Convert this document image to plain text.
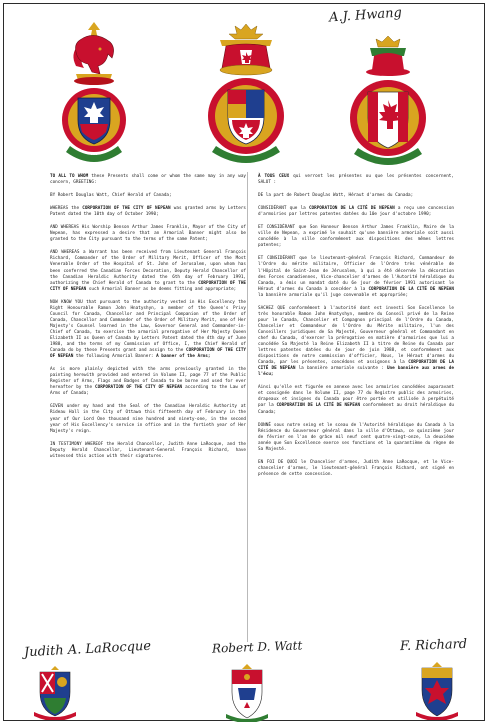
A.J. Hwang
•••

TO ALL TO WHOM these Presents shall come or whom the same may in any way concern, GREETING:

BY Robert Douglas Watt, Chief Herald of Canada;

WHEREAS the CORPORATION OF THE CITY OF NEPEAN was granted arms by Letters Patent dated the 10th day of October 1990;

AND WHEREAS His Worship Benson Arthur James Franklin, Mayor of the City of Nepean, has expressed a desire that an Armorial Banner might also be granted to the City pursuant to the terms of the same Patent;

AND WHEREAS a Warrant has been received from Lieutenant General François Richard, Commander of the Order of Military Merit, Officer of the Most Venerable Order of the Hospital of St. John of Jerusalem, upon whom has been conferred the Canadian Forces Decoration, Deputy Herald Chancellor of the Canadian Heraldic Authority dated the 6th day of February 1991, authorizing the Chief Herald of Canada to grant to the CORPORATION OF THE CITY OF NEPEAN such Armorial Banner as be deems fitting and appropriate;

NOW KNOW YOU that pursuant to the authority vested in His Excellency the Right Honourable Ramon John Hnatyshyn, a member of the Queen's Privy Council for Canada, Chancellor and Principal Companion of the Order of Canada, Chancellor and Commander of the Order of Military Merit, one of Her Majesty's Counsel learned in the Law, Governor General and Commander-in-Chief of Canada, to exercise the armorial prerogative of Her Majesty Queen Elizabeth II as Queen of Canada by Letters Patent dated the 4th day of June 1988, and the terms of my Commission of Office, I, the Chief Herald of Canada do by these Presents grant and assign to the CORPORATION OF THE CITY OF NEPEAN the following Armorial Banner: A banner of the Arms;

As is more plainly depicted with the arms previously granted in the painting herewith provided and entered in Volume II, page 77 of the Public Register of Arms, Flags and Badges of Canada to be borne and used for ever hereafter by the CORPORATION OF THE CITY OF NEPEAN according to the Law of Arms of Canada;

GIVEN under my hand and the Seal of the Canadian Heraldic Authority at Rideau Hall in the City of Ottawa this fifteenth day of February in the year of Our Lord One thousand nine hundred and ninety-one, in the second year of His Excellency's service in office and in the fortieth year of Her Majesty's reign.

IN TESTIMONY WHEREOF the Herald Chancellor, Judith Anne LaRocque, and the Deputy Herald Chancellor, Lieutenant-General François Richard, have witnessed this action with their signatures.

À TOUS CEUX qui verront les présentes ou que les présentes concernent, SALUT :

DE la part de Robert Douglas Watt, Héraut d'armes du Canada;

CONSIDÉRANT que la CORPORATION DE LA CITÉ DE NEPEAN a reçu une concession d'armoiries par lettres patentes datées du 10e jour d'octobre 1990;

ET CONSIDÉRANT que Son Honneur Benson Arthur James Franklin, Maire de la ville de Nepean, a exprimé le souhait qu'une bannière armoriale soit aussi concédée à la ville conformément aux dispositions des mêmes lettres patentes;

ET CONSIDÉRANT que le lieutenant-général François Richard, Commandeur de l'Ordre du mérite militaire, Officier de l'Ordre très vénérable de l'Hôpital de Saint-Jean de Jérusalem, à qui a été décernée la décoration des Forces canadiennes, Vice-chancelier d'armes de l'Autorité héraldique du Canada, a émis un mandat daté du 6e jour de février 1991 autorisant le Héraut d'armes du Canada à concéder à la CORPORATION DE LA CITÉ DE NEPEAN la bannière armoriale qu'il juge convenable et appropriée;

SACHEZ QUE conformément à l'autorité dont est investi Son Excellence le très honorable Ramon John Hnatyshyn, membre du Conseil privé de la Reine pour le Canada, Chancelier et Compagnon principal de l'Ordre du Canada, Chancelier et Commandeur de l'Ordre du Mérite militaire, l'un des Conseillers juridiques de Sa Majesté, Gouverneur général et Commandant en chef du Canada, d'exercer la prérogative en matière d'armoiries que lui a concédée Sa Majesté la Reine Elizabeth II à titre de Reine du Canada par lettres patentes datées du 4e jour de juin 1988, et conformément aux dispositions de notre commission d'officier, Nous, le Héraut d'armes du Canada, par les présentes, concédons et assignons à la CORPORATION DE LA CITÉ DE NEPEAN la bannière armoriale suivante : Une bannière aux armes de l'écu;

Ainsi qu'elle est figurée en annexe avec les armoiries concédées auparavant et consignée dans le Volume II, page 77 du Registre public des armoiries, drapeaux et insignes du Canada pour être portée et utilisée à perpétuité par la CORPORATION DE LA CITÉ DE NEPEAN conformément au droit héraldique du Canada;

DONNÉ sous notre seing et le sceau de l'Autorité héraldique du Canada à la Résidence du Gouverneur général dans la ville d'Ottawa, ce quinzième jour de février en l'an de grâce mil neuf cent quatre-vingt-onze, la deuxième année que Son Excellence exerce ses fonctions et la quarantième du règne de Sa Majesté.

EN FOI DE QUOI le Chancelier d'armes, Judith Anne LaRocque, et le Vice-chancelier d'armes, le lieutenant-général François Richard, ont signé en présence de cette concession.

Judith A. LaRocque	Robert D. Watt	F. Richard
